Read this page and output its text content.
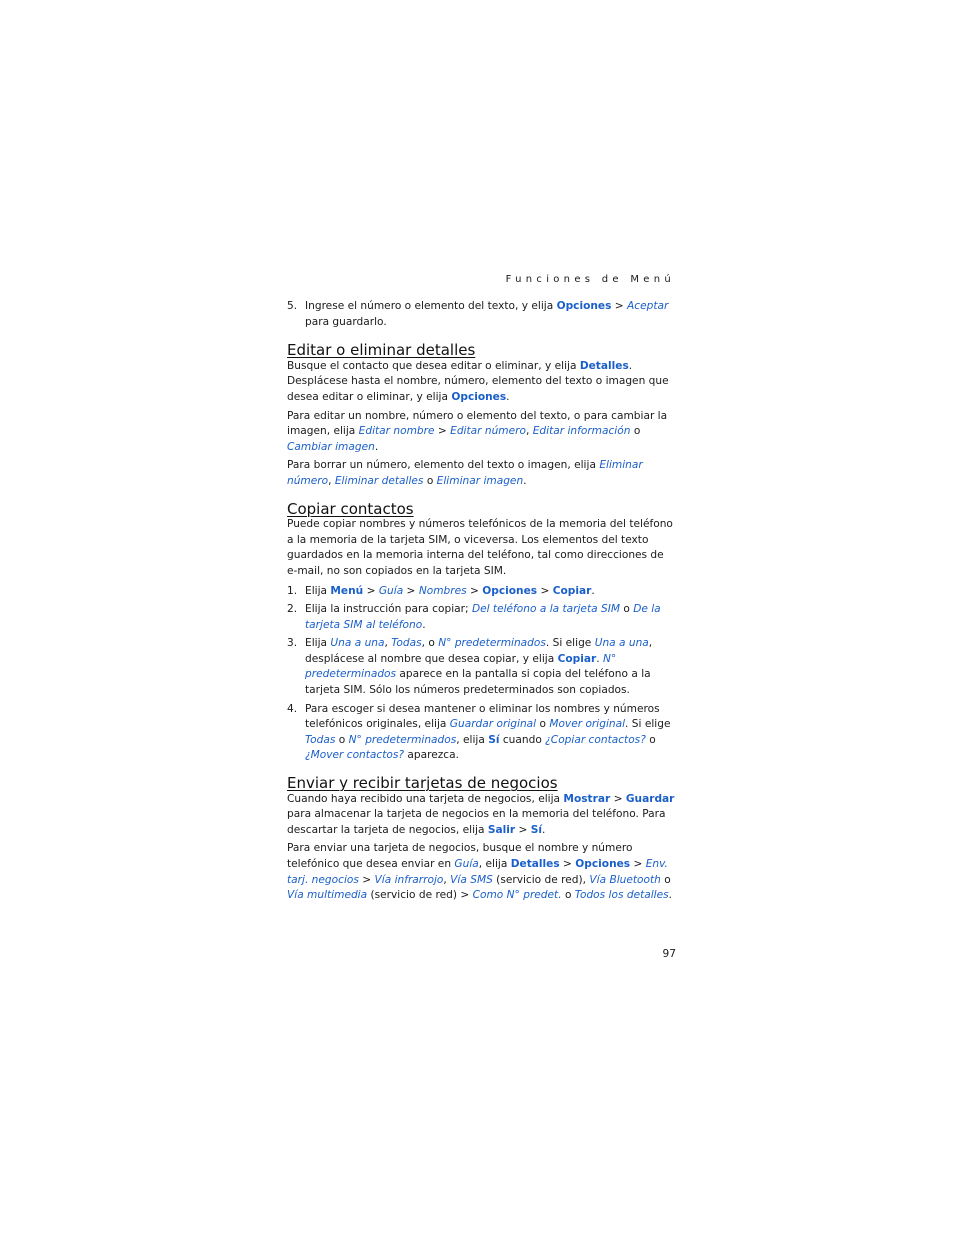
Funciones de Menú
5. Ingrese el número o elemento del texto, y elija Opciones > Aceptar
para guardarlo.
Editar o eliminar detalles

Busque el contacto que desea editar o eliminar, y elija Detalles. Desplácese hasta el nombre, número, elemento del texto o imagen que desea editar o eliminar, y elija Opciones.

Para editar un nombre, número o elemento del texto, o para cambiar la imagen, elija Editar nombre > Editar número, Editar información o Cambiar imagen.

Para borrar un número, elemento del texto o imagen, elija Eliminar número, Eliminar detalles o Eliminar imagen.

Copiar contactos

Puede copiar nombres y números telefónicos de la memoria del teléfono a la memoria de la tarjeta SIM, o viceversa. Los elementos del texto guardados en la memoria interna del teléfono, tal como direcciones de e-mail, no son copiados en la tarjeta SIM.

1. Elija Menú > Guía > Nombres > Opciones > Copiar.
2. Elija la instrucción para copiar; Del teléfono a la tarjeta SIM o De la tarjeta SIM al teléfono.
3. Elija Una a una, Todas, o N° predeterminados. Si elige Una a una, desplácese al nombre que desea copiar, y elija Copiar. N° predeterminados aparece en la pantalla si copia del teléfono a la tarjeta SIM. Sólo los números predeterminados son copiados.
4. Para escoger si desea mantener o eliminar los nombres y números telefónicos originales, elija Guardar original o Mover original. Si elige Todas o N° predeterminados, elija Sí cuando ¿Copiar contactos? o ¿Mover contactos? aparezca.
Enviar y recibir tarjetas de negocios

Cuando haya recibido una tarjeta de negocios, elija Mostrar > Guardar para almacenar la tarjeta de negocios en la memoria del teléfono. Para descartar la tarjeta de negocios, elija Salir > Sí.

Para enviar una tarjeta de negocios, busque el nombre y número telefónico que desea enviar en Guía, elija Detalles > Opciones > Env. tarj. negocios > Vía infrarrojo, Vía SMS (servicio de red), Vía Bluetooth o Vía multimedia (servicio de red) > Como N° predet. o Todos los detalles.

97
